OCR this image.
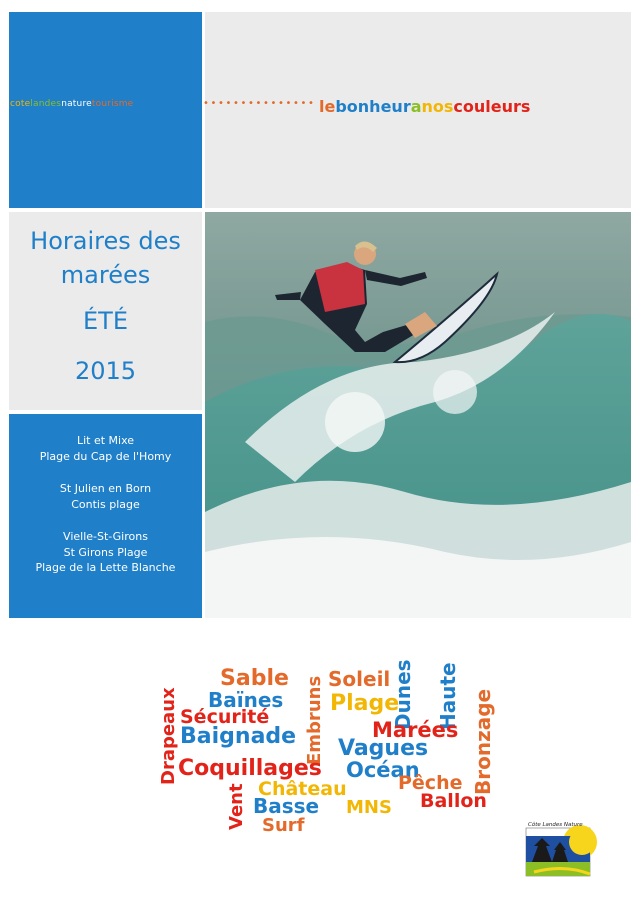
cotelandesnaturetourisme	••••••••••••••• lebonheuranoscouleurs
Horaires des
marées
ÉTÉ
2015
Lit et Mixe
Plage du Cap de l'Homy
St Julien en Born
Contis plage
Vielle-St-Girons
St Girons Plage
Plage de la Lette Blanche
Sable Soleil Dunes Haute
Baïnes Plage
Embruns
Drapeaux Sécurité
Baignade	Marées Bronzage
Vagues
Coquillages Océan
Château	Pêche
Vent Basse MNS Ballon
Surf	Côte Landes Nature
